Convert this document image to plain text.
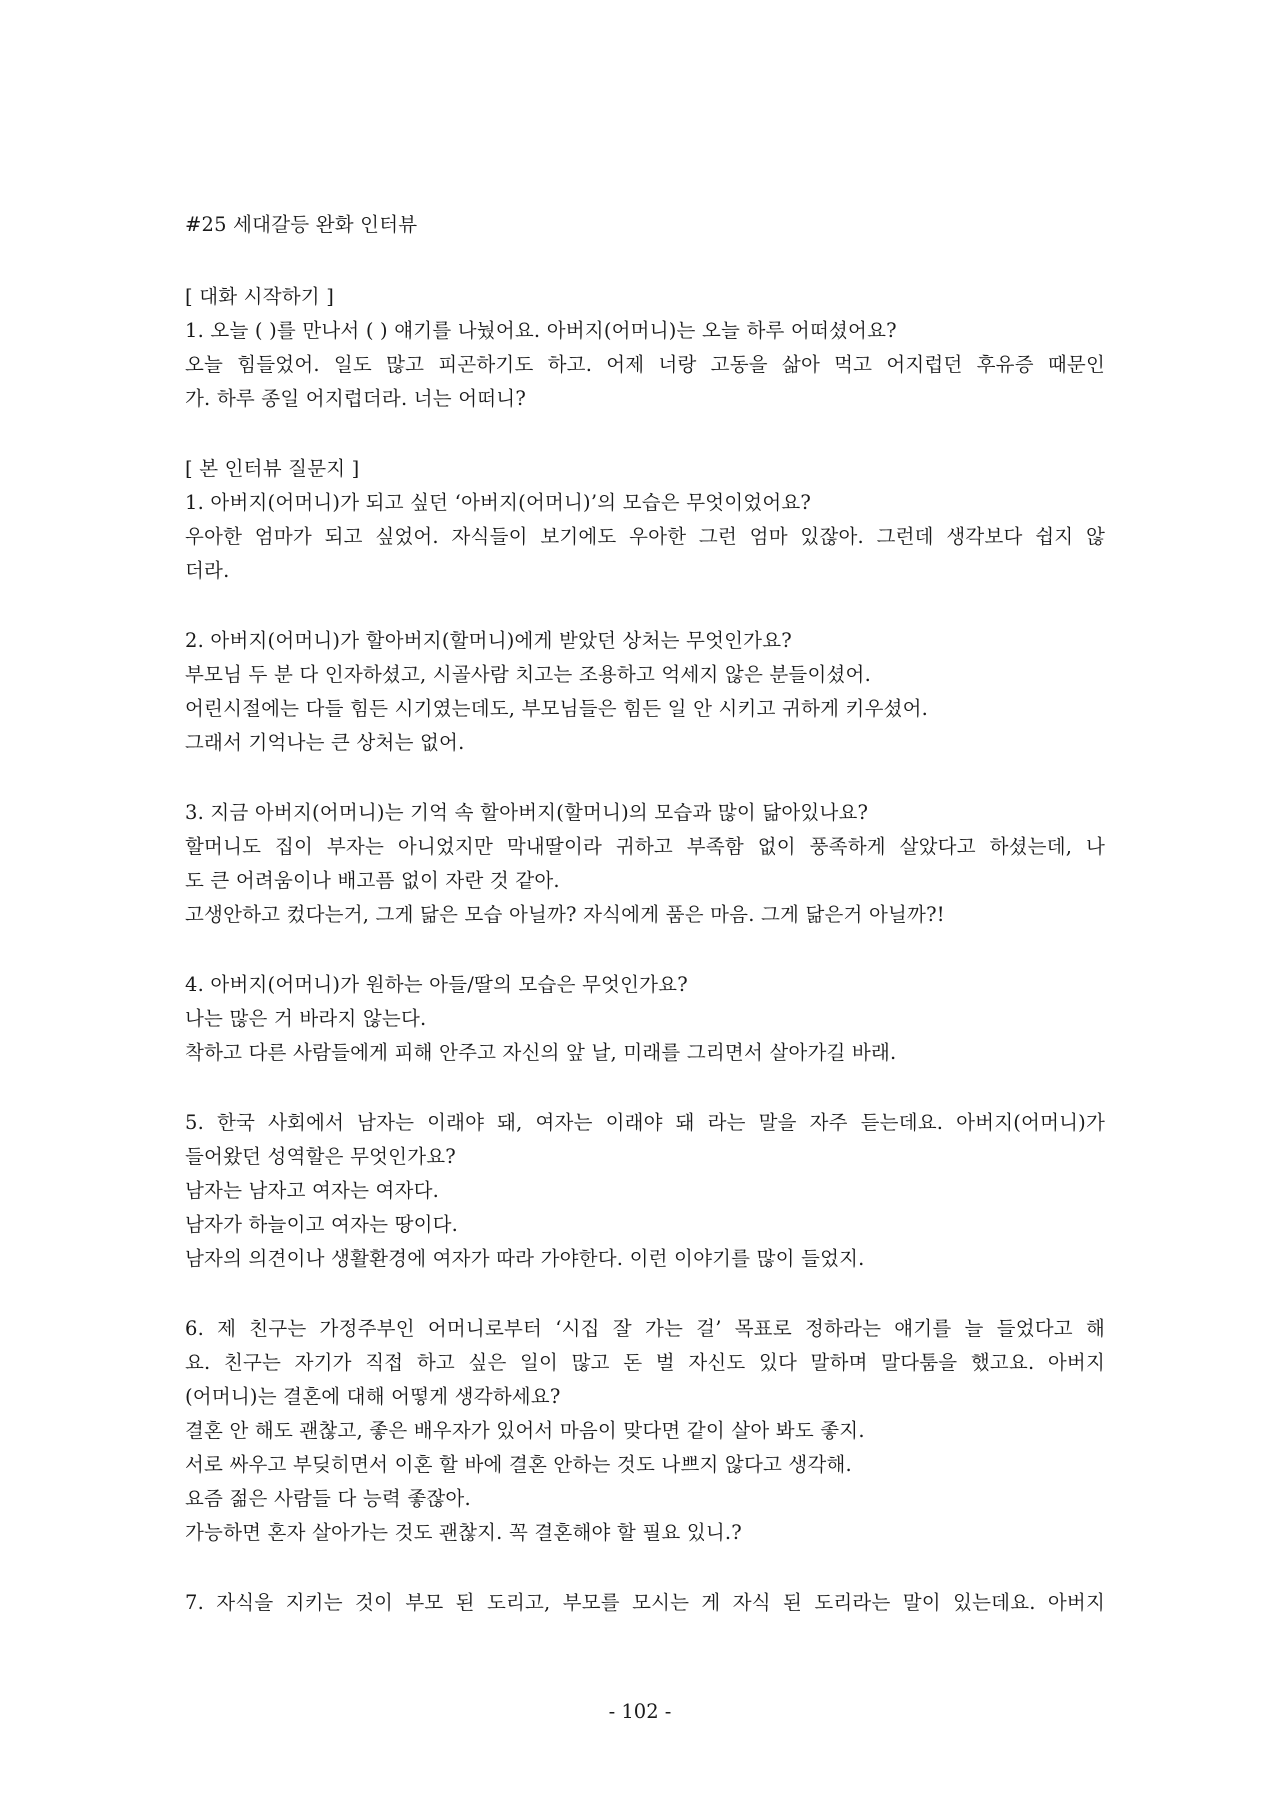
#25 세대갈등 완화 인터뷰
[ 대화 시작하기 ]
1. 오늘 ( )를 만나서 ( ) 얘기를 나눴어요. 아버지(어머니)는 오늘 하루 어떠셨어요?
오늘 힘들었어. 일도 많고 피곤하기도 하고. 어제 너랑 고동을 삶아 먹고 어지럽던 후유증 때문인
가. 하루 종일 어지럽더라. 너는 어떠니?
[ 본 인터뷰 질문지 ]
1. 아버지(어머니)가 되고 싶던 ‘아버지(어머니)’의 모습은 무엇이었어요?
우아한 엄마가 되고 싶었어. 자식들이 보기에도 우아한 그런 엄마 있잖아. 그런데 생각보다 쉽지 않
더라.
2. 아버지(어머니)가 할아버지(할머니)에게 받았던 상처는 무엇인가요?
부모님 두 분 다 인자하셨고, 시골사람 치고는 조용하고 억세지 않은 분들이셨어.
어린시절에는 다들 힘든 시기였는데도, 부모님들은 힘든 일 안 시키고 귀하게 키우셨어.
그래서 기억나는 큰 상처는 없어.
3. 지금 아버지(어머니)는 기억 속 할아버지(할머니)의 모습과 많이 닮아있나요?
할머니도 집이 부자는 아니었지만 막내딸이라 귀하고 부족함 없이 풍족하게 살았다고 하셨는데, 나
도 큰 어려움이나 배고픔 없이 자란 것 같아.
고생안하고 컸다는거, 그게 닮은 모습 아닐까? 자식에게 품은 마음. 그게 닮은거 아닐까?!
4. 아버지(어머니)가 원하는 아들/딸의 모습은 무엇인가요?
나는 많은 거 바라지 않는다.
착하고 다른 사람들에게 피해 안주고 자신의 앞 날, 미래를 그리면서 살아가길 바래.
5. 한국 사회에서 남자는 이래야 돼, 여자는 이래야 돼 라는 말을 자주 듣는데요. 아버지(어머니)가
들어왔던 성역할은 무엇인가요?
남자는 남자고 여자는 여자다.
남자가 하늘이고 여자는 땅이다.
남자의 의견이나 생활환경에 여자가 따라 가야한다. 이런 이야기를 많이 들었지.
6. 제 친구는 가정주부인 어머니로부터 ‘시집 잘 가는 걸’ 목표로 정하라는 얘기를 늘 들었다고 해
요. 친구는 자기가 직접 하고 싶은 일이 많고 돈 벌 자신도 있다 말하며 말다툼을 했고요. 아버지
(어머니)는 결혼에 대해 어떻게 생각하세요?
결혼 안 해도 괜찮고, 좋은 배우자가 있어서 마음이 맞다면 같이 살아 봐도 좋지.
서로 싸우고 부딪히면서 이혼 할 바에 결혼 안하는 것도 나쁘지 않다고 생각해.
요즘 젊은 사람들 다 능력 좋잖아.
가능하면 혼자 살아가는 것도 괜찮지. 꼭 결혼해야 할 필요 있니.?
7. 자식을 지키는 것이 부모 된 도리고, 부모를 모시는 게 자식 된 도리라는 말이 있는데요. 아버지
- 102 -
